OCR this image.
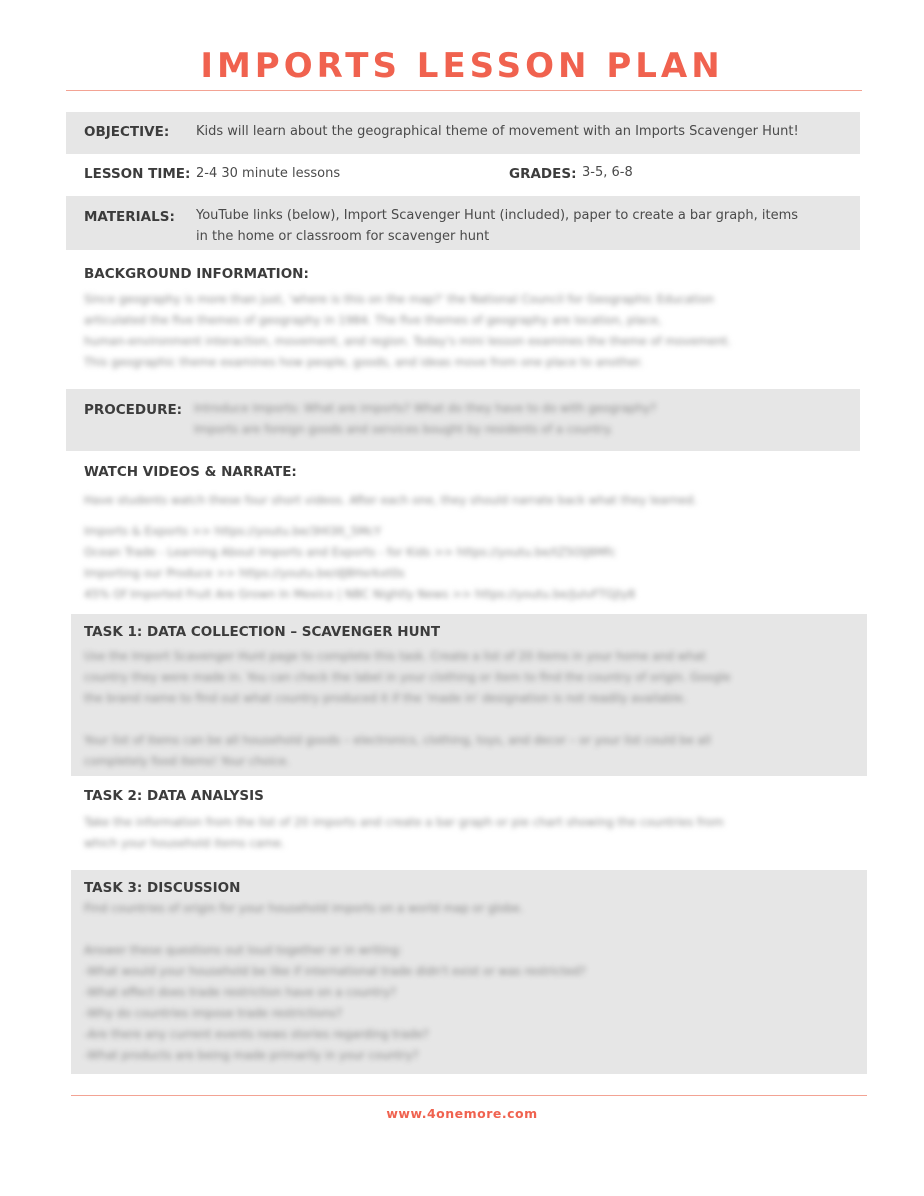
IMPORTS LESSON PLAN
OBJECTIVE: Kids will learn about the geographical theme of movement with an Imports Scavenger Hunt!
LESSON TIME: 2-4 30 minute lessons	GRADES: 3-5, 6-8
MATERIALS: YouTube links (below), Import Scavenger Hunt (included), paper to create a bar graph, items
in the home or classroom for scavenger hunt
BACKGROUND INFORMATION:
Since geography is more than just, 'where is this on the map?' the National Council for Geographic Education
articulated the five themes of geography in 1984. The five themes of geography are location, place,
human-environment interaction, movement, and region. Today's mini lesson examines the theme of movement.
This geographic theme examines how people, goods, and ideas move from one place to another.
PROCEDURE: Introduce Imports: What are imports? What do they have to do with geography?
Imports are foreign goods and services bought by residents of a country.
WATCH VIDEOS & NARRATE:
Have students watch these four short videos. After each one, they should narrate back what they learned.
Imports & Exports >> https://youtu.be/3Hl3lt_5McY
Ocean Trade - Learning About Imports and Exports - for Kids >> https://youtu.be/tZ5OlJ8Mfc
Importing our Produce >> https://youtu.be/dJ8Hxrkxt0s
45% Of Imported Fruit Are Grown In Mexico | NBC Nightly News >> https://youtu.be/JuIvFTGJIy8
TASK 1: DATA COLLECTION – SCAVENGER HUNT
Use the Import Scavenger Hunt page to complete this task. Create a list of 20 items in your home and what
country they were made in. You can check the label in your clothing or item to find the country of origin. Google
the brand name to find out what country produced it if the 'made in' designation is not readily available.
Your list of items can be all household goods – electronics, clothing, toys, and decor – or your list could be all
completely food items! Your choice.
TASK 2: DATA ANALYSIS
Take the information from the list of 20 imports and create a bar graph or pie chart showing the countries from
which your household items came.
TASK 3: DISCUSSION
Find countries of origin for your household imports on a world map or globe.
Answer these questions out loud together or in writing:
-What would your household be like if international trade didn't exist or was restricted?
-What effect does trade restriction have on a country?
-Why do countries impose trade restrictions?
-Are there any current events news stories regarding trade?
-What products are being made primarily in your country?
www.4onemore.com
